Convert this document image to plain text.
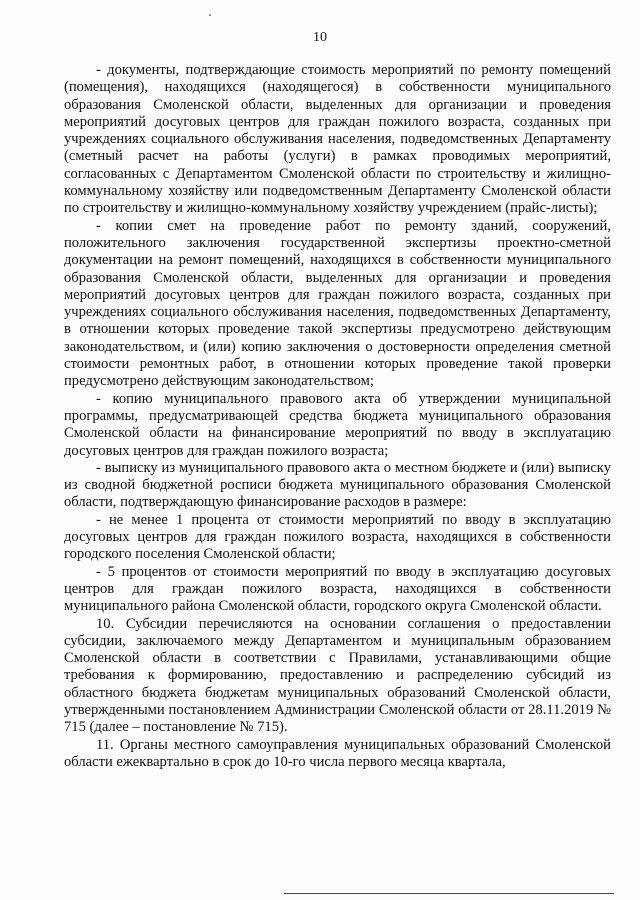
10

- документы, подтверждающие стоимость мероприятий по ремонту помещений (помещения), находящихся (находящегося) в собственности муниципального образования Смоленской области, выделенных для организации и проведения мероприятий досуговых центров для граждан пожилого возраста, созданных при учреждениях социального обслуживания населения, подведомственных Департаменту (сметный расчет на работы (услуги) в рамках проводимых мероприятий, согласованных с Департаментом Смоленской области по строительству и жилищно-коммунальному хозяйству или подведомственным Департаменту Смоленской области по строительству и жилищно-коммунальному хозяйству учреждением (прайс-листы);

- копии смет на проведение работ по ремонту зданий, сооружений, положительного заключения государственной экспертизы проектно-сметной документации на ремонт помещений, находящихся в собственности муниципального образования Смоленской области, выделенных для организации и проведения мероприятий досуговых центров для граждан пожилого возраста, созданных при учреждениях социального обслуживания населения, подведомственных Департаменту, в отношении которых проведение такой экспертизы предусмотрено действующим законодательством, и (или) копию заключения о достоверности определения сметной стоимости ремонтных работ, в отношении которых проведение такой проверки предусмотрено действующим законодательством;

- копию муниципального правового акта об утверждении муниципальной программы, предусматривающей средства бюджета муниципального образования Смоленской области на финансирование мероприятий по вводу в эксплуатацию досуговых центров для граждан пожилого возраста;

- выписку из муниципального правового акта о местном бюджете и (или) выписку из сводной бюджетной росписи бюджета муниципального образования Смоленской области, подтверждающую финансирование расходов в размере:

- не менее 1 процента от стоимости мероприятий по вводу в эксплуатацию досуговых центров для граждан пожилого возраста, находящихся в собственности городского поселения Смоленской области;

- 5 процентов от стоимости мероприятий по вводу в эксплуатацию досуговых центров для граждан пожилого возраста, находящихся в собственности муниципального района Смоленской области, городского округа Смоленской области.

10. Субсидии перечисляются на основании соглашения о предоставлении субсидии, заключаемого между Департаментом и муниципальным образованием Смоленской области в соответствии с Правилами, устанавливающими общие требования к формированию, предоставлению и распределению субсидий из областного бюджета бюджетам муниципальных образований Смоленской области, утвержденными постановлением Администрации Смоленской области от 28.11.2019 № 715 (далее – постановление № 715).

11. Органы местного самоуправления муниципальных образований Смоленской области ежеквартально в срок до 10-го числа первого месяца квартала,
